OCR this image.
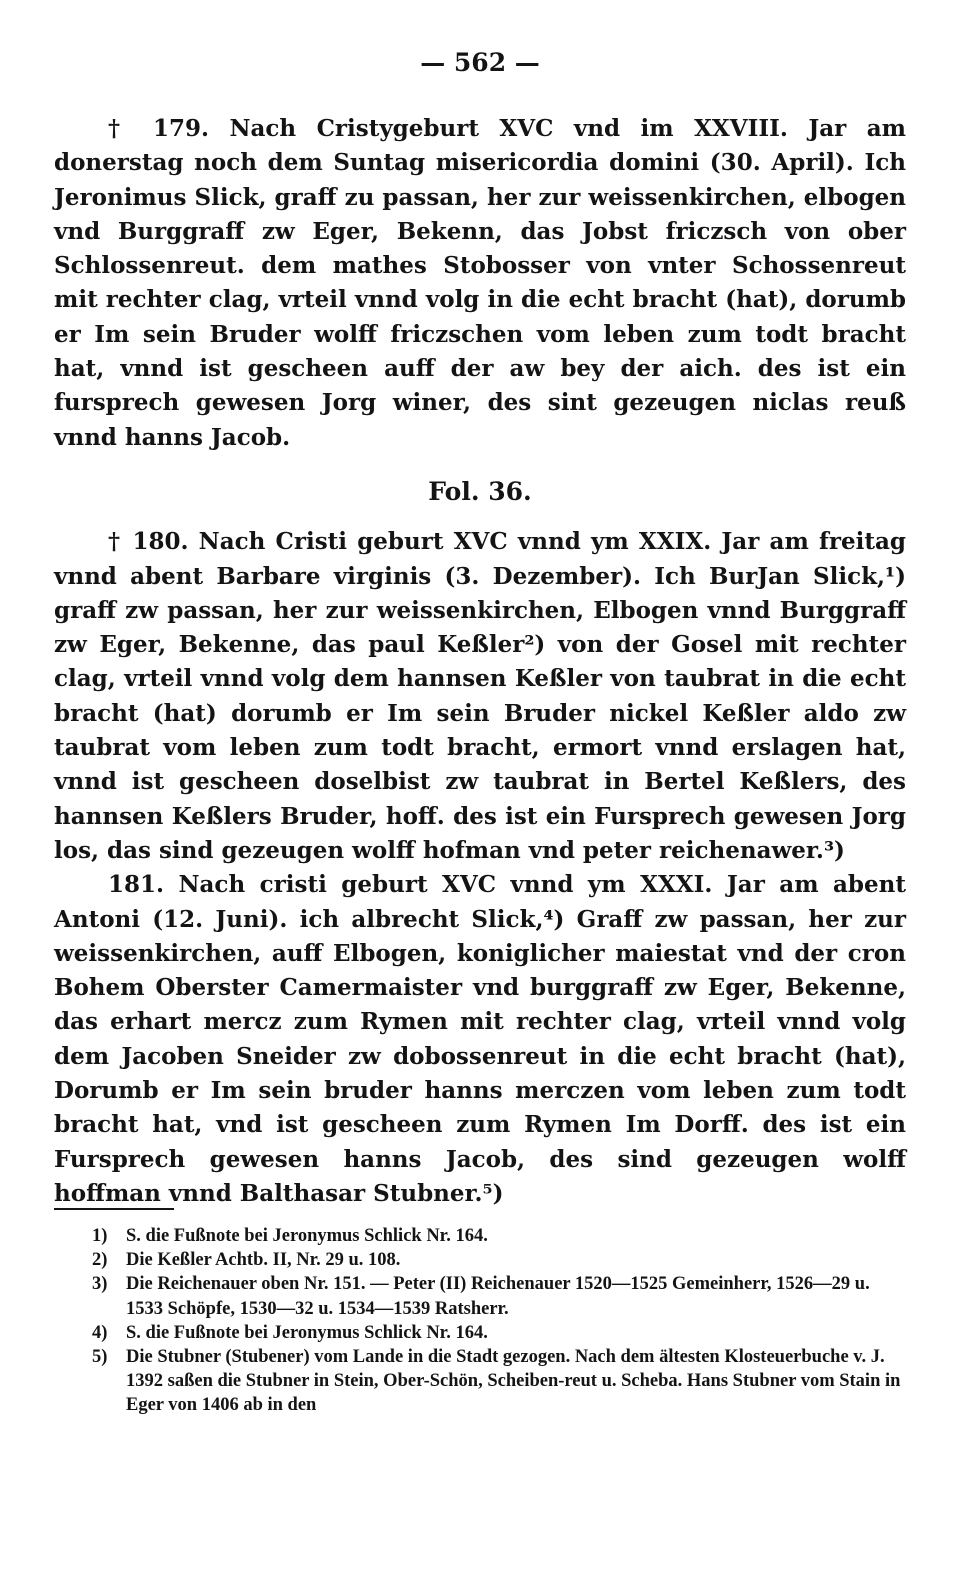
— 562 —

† 179. Nach Cristygeburt XVC vnd im XXVIII. Jar am donerstag noch dem Suntag misericordia domini (30. April). Ich Jeronimus Slick, graff zu passan, her zur weissenkirchen, elbogen vnd Burggraff zw Eger, Bekenn, das Jobst friczsch von ober Schlossenreut. dem mathes Stobosser von vnter Schossenreut mit rechter clag, vrteil vnnd volg in die echt bracht (hat), dorumb er Im sein Bruder wolff friczschen vom leben zum todt bracht hat, vnnd ist gescheen auff der aw bey der aich. des ist ein fursprech gewesen Jorg winer, des sint gezeugen niclas reuß vnnd hanns Jacob.

Fol. 36.

† 180. Nach Cristi geburt XVC vnnd ym XXIX. Jar am freitag vnnd abent Barbare virginis (3. Dezember). Ich BurJan Slick,¹) graff zw passan, her zur weissenkirchen, Elbogen vnnd Burggraff zw Eger, Bekenne, das paul Keßler²) von der Gosel mit rechter clag, vrteil vnnd volg dem hannsen Keßler von taubrat in die echt bracht (hat) dorumb er Im sein Bruder nickel Keßler aldo zw taubrat vom leben zum todt bracht, ermort vnnd erslagen hat, vnnd ist gescheen doselbist zw taubrat in Bertel Keßlers, des hannsen Keßlers Bruder, hoff. des ist ein Fursprech gewesen Jorg los, das sind gezeugen wolff hofman vnd peter reichenawer.³)

181. Nach cristi geburt XVC vnnd ym XXXI. Jar am abent Antoni (12. Juni). ich albrecht Slick,⁴) Graff zw passan, her zur weissenkirchen, auff Elbogen, koniglicher maiestat vnd der cron Bohem Oberster Camermaister vnd burggraff zw Eger, Bekenne, das erhart mercz zum Rymen mit rechter clag, vrteil vnnd volg dem Jacoben Sneider zw dobossenreut in die echt bracht (hat), Dorumb er Im sein bruder hanns merczen vom leben zum todt bracht hat, vnd ist gescheen zum Rymen Im Dorff. des ist ein Fursprech gewesen hanns Jacob, des sind gezeugen wolff hoffman vnnd Balthasar Stubner.⁵)

1) S. die Fußnote bei Jeronymus Schlick Nr. 164.

2) Die Keßler Achtb. II, Nr. 29 u. 108.

3) Die Reichenauer oben Nr. 151. — Peter (II) Reichenauer 1520—1525 Gemeinherr, 1526—29 u. 1533 Schöpfe, 1530—32 u. 1534—1539 Ratsherr.

4) S. die Fußnote bei Jeronymus Schlick Nr. 164.

5) Die Stubner (Stubener) vom Lande in die Stadt gezogen. Nach dem ältesten Klosteuerbuche v. J. 1392 saßen die Stubner in Stein, Ober-Schön, Scheiben-reut u. Scheba. Hans Stubner vom Stain in Eger von 1406 ab in den
